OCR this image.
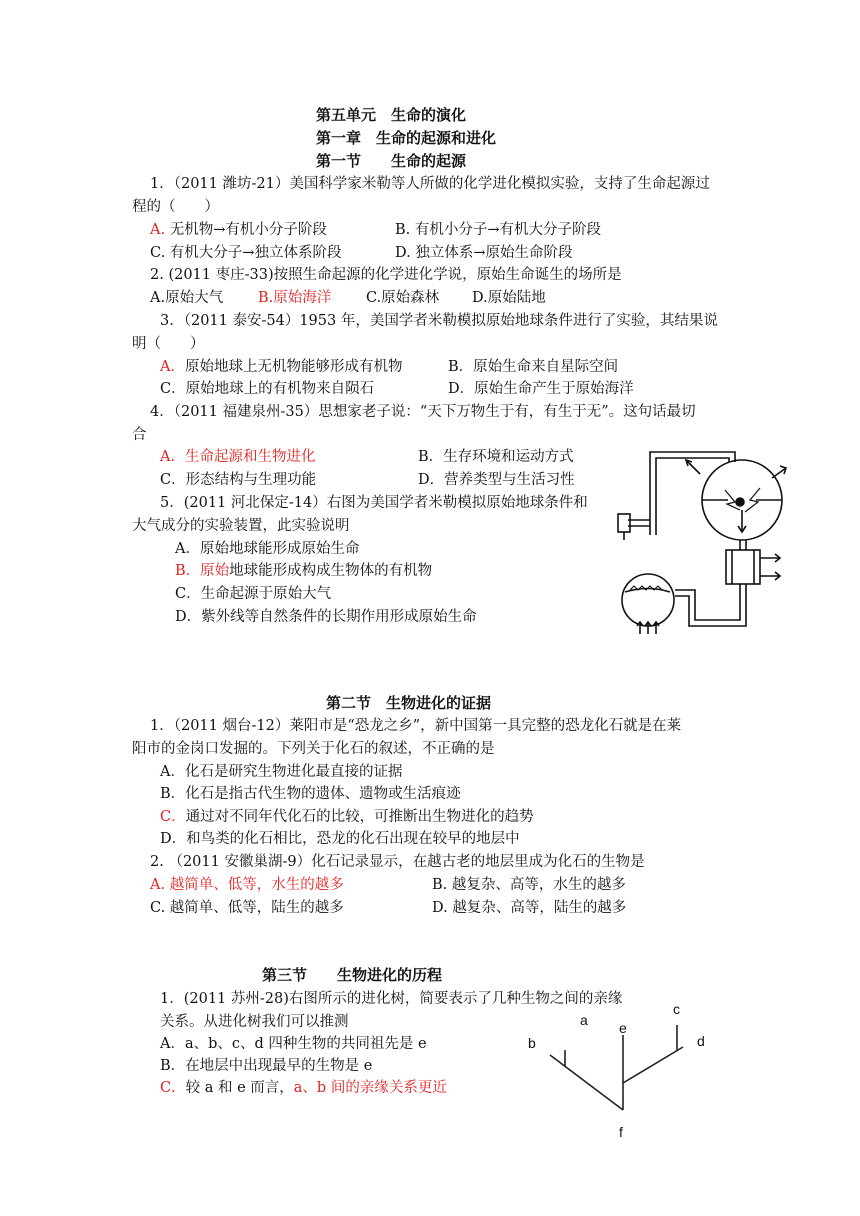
第五单元　生命的演化
第一章　生命的起源和进化
第一节　　生命的起源
1．（2011 潍坊-21）美国科学家米勒等人所做的化学进化模拟实验，支持了生命起源过
程的（　　）
A. 无机物→有机小分子阶段	B. 有机小分子→有机大分子阶段
C. 有机大分子→独立体系阶段	D. 独立体系→原始生命阶段
2. (2011 枣庄-33)按照生命起源的化学进化学说，原始生命诞生的场所是
A.原始大气 B.原始海洋 C.原始森林 D.原始陆地
3．（2011 泰安-54）1953 年，美国学者米勒模拟原始地球条件进行了实验，其结果说
明（　　）
A．原始地球上无机物能够形成有机物	B．原始生命来自星际空间
C．原始地球上的有机物来自陨石	D．原始生命产生于原始海洋
4．（2011 福建泉州-35）思想家老子说：“天下万物生于有，有生于无”。这句话最切
合
A．生命起源和生物进化	B．生存环境和运动方式
C．形态结构与生理功能	D．营养类型与生活习性
5．(2011 河北保定-14）右图为美国学者米勒模拟原始地球条件和
大气成分的实验装置，此实验说明
A．原始地球能形成原始生命
B．原始地球能形成构成生物体的有机物
C．生命起源于原始大气
D．紫外线等自然条件的长期作用形成原始生命
第二节　生物进化的证据
1．（2011 烟台-12）莱阳市是“恐龙之乡”，新中国第一具完整的恐龙化石就是在莱
阳市的金岗口发掘的。下列关于化石的叙述，不正确的是
A．化石是研究生物进化最直接的证据
B．化石是指古代生物的遗体、遗物或生活痕迹
C．通过对不同年代化石的比较，可推断出生物进化的趋势
D．和鸟类的化石相比，恐龙的化石出现在较早的地层中
2. （2011 安徽巢湖-9）化石记录显示，在越古老的地层里成为化石的生物是
A. 越简单、低等，水生的越多	B. 越复杂、高等，水生的越多
C. 越简单、低等，陆生的越多	D. 越复杂、高等，陆生的越多
第三节　　生物进化的历程
1．(2011 苏州-28)右图所示的进化树，简要表示了几种生物之间的亲缘
关系。从进化树我们可以推测
A．a、b、c、d 四种生物的共同祖先是 e
B．在地层中出现最早的生物是 e
C．较 a 和 e 而言，a、b 间的亲缘关系更近
a
b
c
d
e
f
